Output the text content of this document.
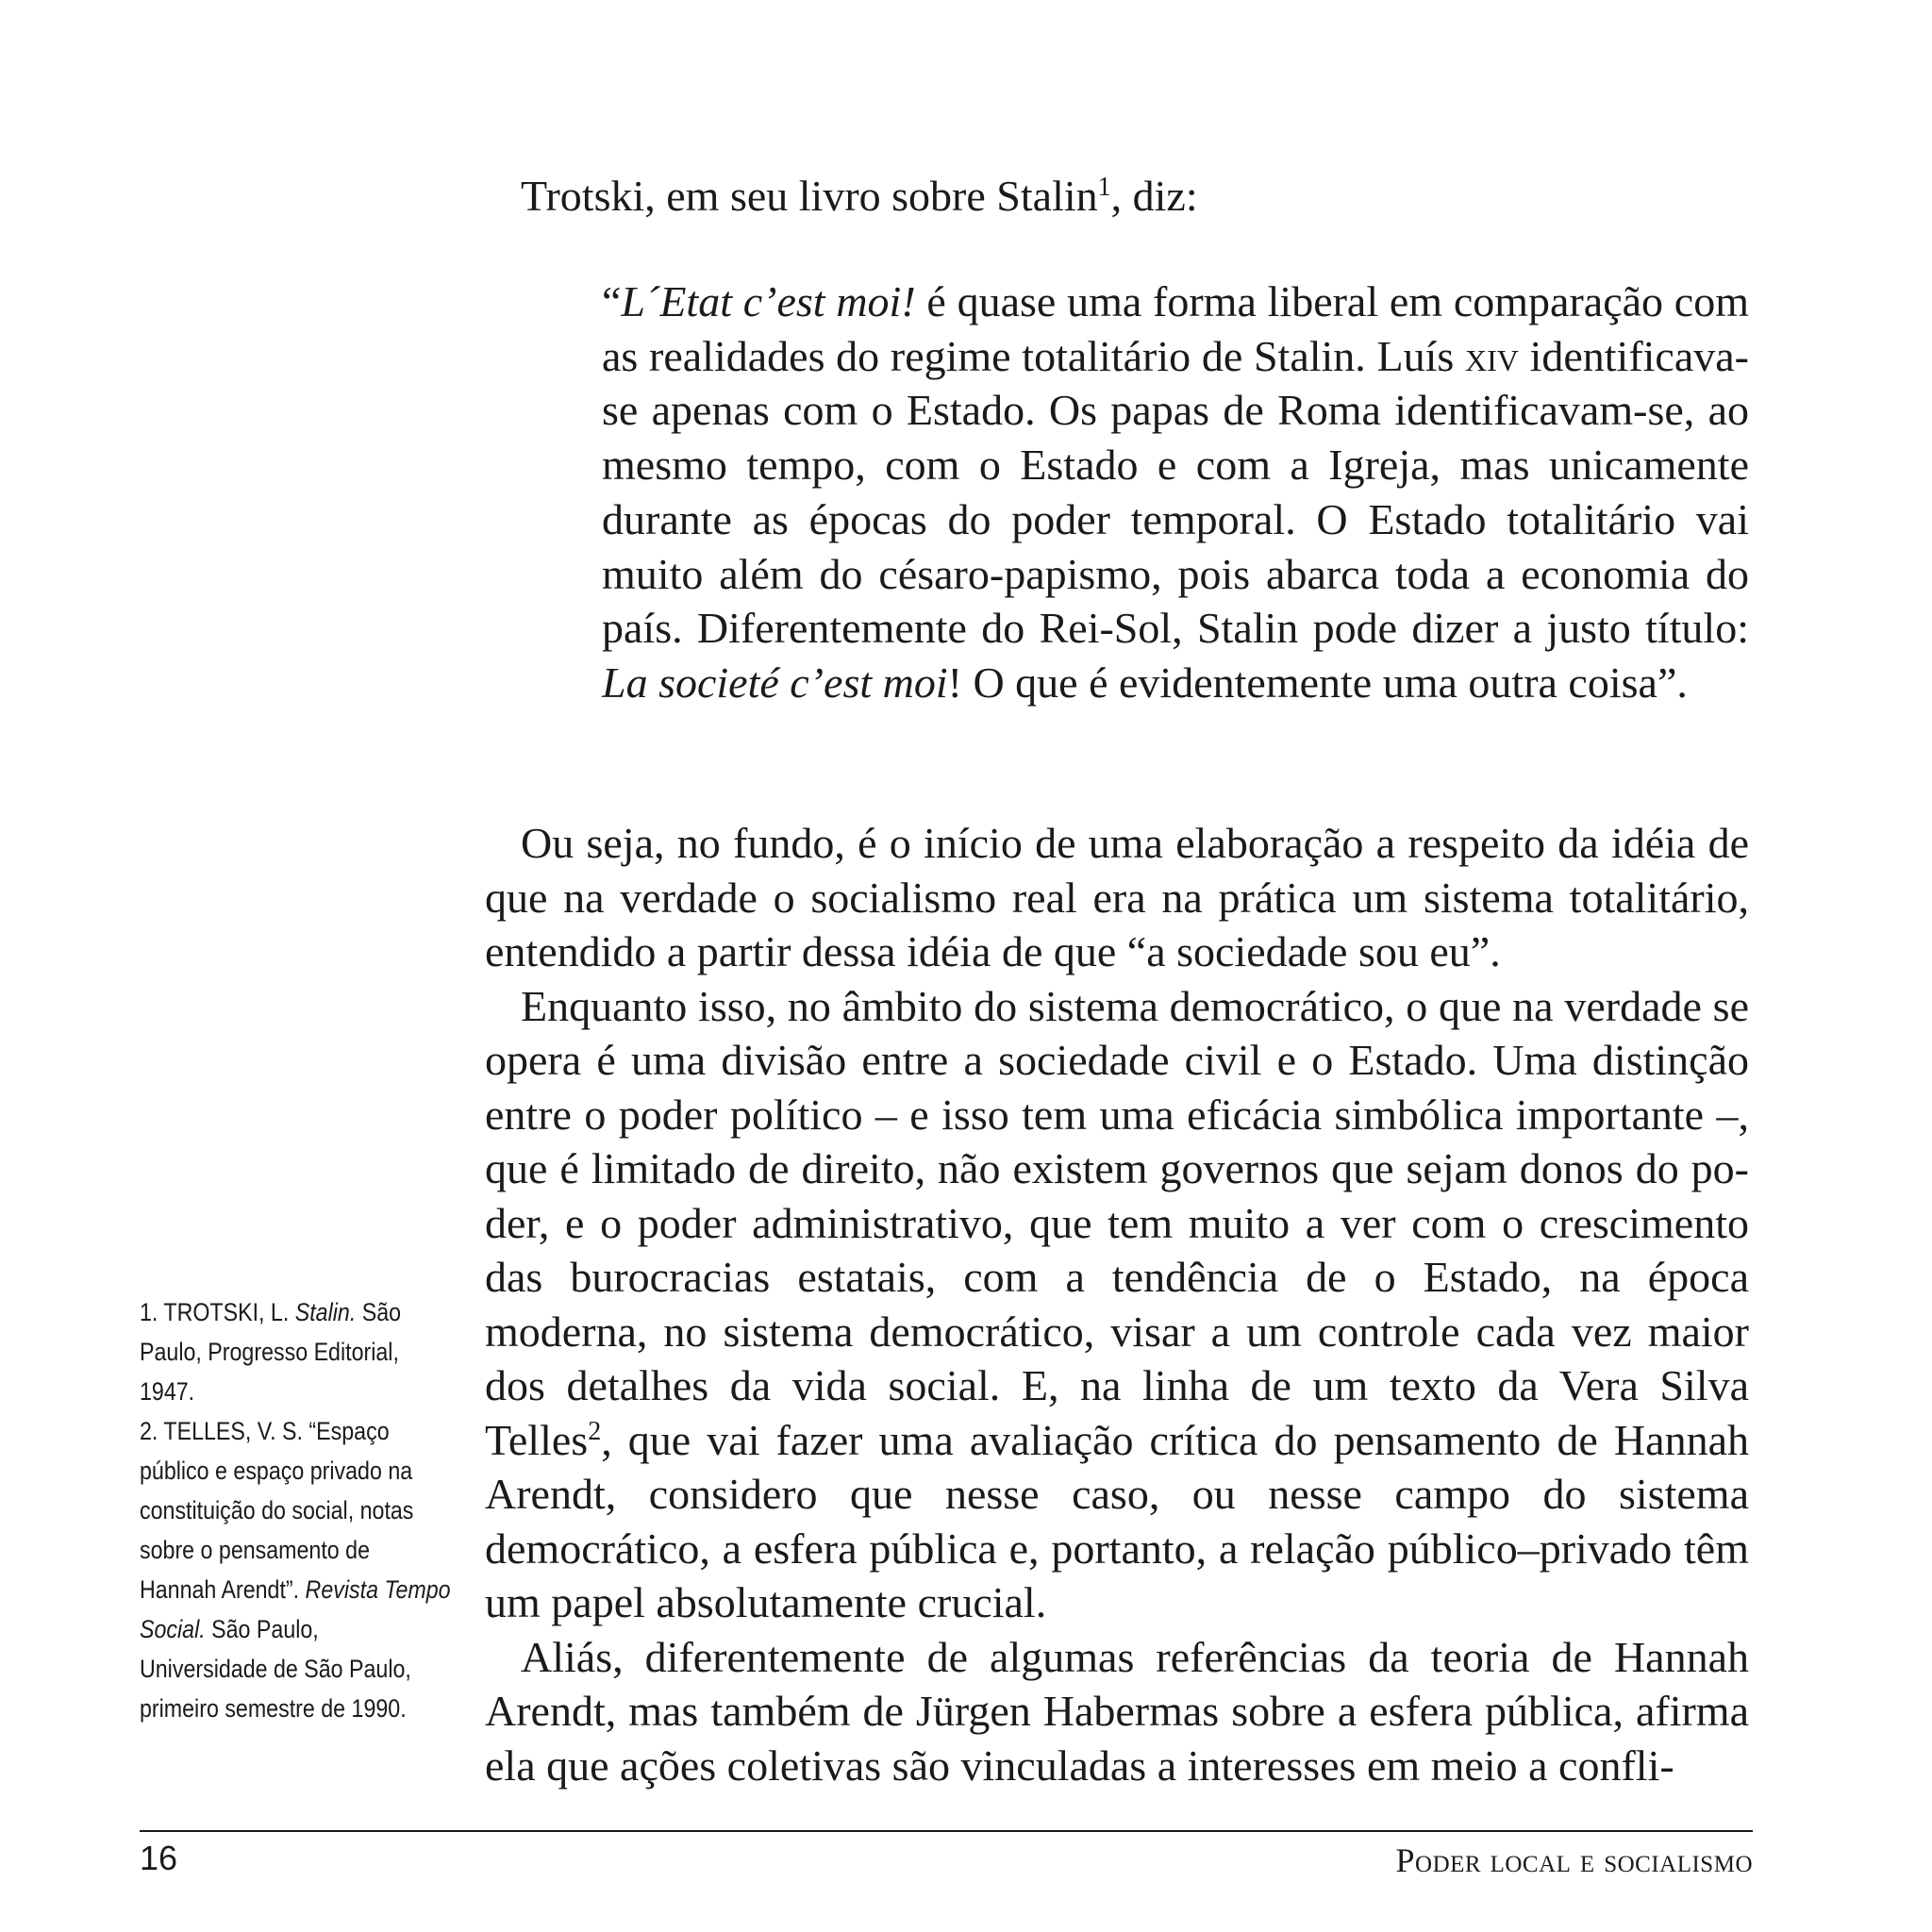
Trotski, em seu livro sobre Stalin$^1$, diz:

“L´Etat c’est moi! é quase uma forma liberal em comparação com as realidades do regime totalitário de Stalin. Luís xiv identificava-se apenas com o Estado. Os papas de Roma identificavam-se, ao mesmo tempo, com o Estado e com a Igreja, mas unicamente durante as épocas do poder temporal. O Estado totalitário vai muito além do césaro-papismo, pois abarca toda a economia do país. Diferentemente do Rei-Sol, Stalin pode dizer a justo título: La societé c’est moi! O que é evidentemente uma outra coisa”.

Ou seja, no fundo, é o início de uma elaboração a respeito da idéia de que na verdade o socialismo real era na prática um sistema totalitário, entendido a partir dessa idéia de que “a sociedade sou eu”.

Enquanto isso, no âmbito do sistema democrático, o que na verdade se opera é uma divisão entre a sociedade civil e o Estado. Uma distinção entre o poder político – e isso tem uma eficácia simbólica importante –, que é limitado de direito, não existem governos que sejam donos do poder, e o poder administrativo, que tem muito a ver com o crescimento das burocracias estatais, com a tendência de o Estado, na época moderna, no sistema democrático, visar a um controle cada vez maior dos detalhes da vida social. E, na linha de um texto da Vera Silva Telles$^2$, que vai fazer uma avaliação crítica do pensamento de Hannah Arendt, considero que nesse caso, ou nesse campo do sistema democrático, a esfera pública e, portanto, a relação público–privado têm um papel absolutamente crucial.

Aliás, diferentemente de algumas referências da teoria de Hannah Arendt, mas também de Jürgen Habermas sobre a esfera pública, afirma ela que ações coletivas são vinculadas a interesses em meio a confli-

1. TROTSKI, L. Stalin. São Paulo, Progresso Editorial, 1947.

2. TELLES, V. S. “Espaço público e espaço privado na constituição do social, notas sobre o pensamento de Hannah Arendt”. Revista Tempo Social. São Paulo, Universidade de São Paulo, primeiro semestre de 1990.

16	Poder local e socialismo
